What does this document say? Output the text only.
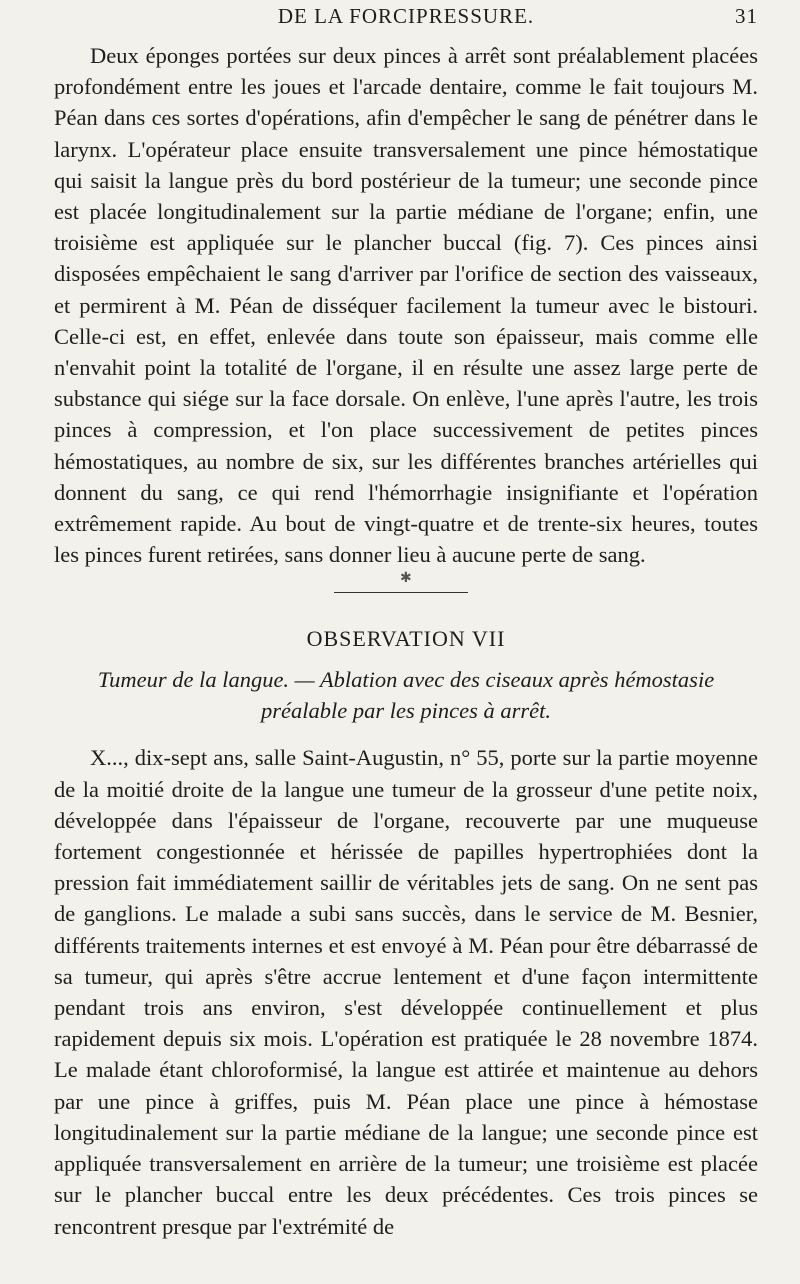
DE LA FORCIPRESSURE.	31

Deux éponges portées sur deux pinces à arrêt sont préalablement placées profondément entre les joues et l'arcade dentaire, comme le fait toujours M. Péan dans ces sortes d'opérations, afin d'empêcher le sang de pénétrer dans le larynx. L'opérateur place ensuite transversalement une pince hémostatique qui saisit la langue près du bord postérieur de la tumeur; une seconde pince est placée longitudinalement sur la partie médiane de l'organe; enfin, une troisième est appliquée sur le plancher buccal (fig. 7). Ces pinces ainsi disposées empêchaient le sang d'arriver par l'orifice de section des vaisseaux, et permirent à M. Péan de disséquer facilement la tumeur avec le bistouri. Celle-ci est, en effet, enlevée dans toute son épaisseur, mais comme elle n'envahit point la totalité de l'organe, il en résulte une assez large perte de substance qui siége sur la face dorsale. On enlève, l'une après l'autre, les trois pinces à compression, et l'on place successivement de petites pinces hémostatiques, au nombre de six, sur les différentes branches artérielles qui donnent du sang, ce qui rend l'hémorrhagie insignifiante et l'opération extrêmement rapide. Au bout de vingt-quatre et de trente-six heures, toutes les pinces furent retirées, sans donner lieu à aucune perte de sang.

✱
OBSERVATION VII
Tumeur de la langue. — Ablation avec des ciseaux après hémostasie
préalable par les pinces à arrêt.

X..., dix-sept ans, salle Saint-Augustin, n° 55, porte sur la partie moyenne de la moitié droite de la langue une tumeur de la grosseur d'une petite noix, développée dans l'épaisseur de l'organe, recouverte par une muqueuse fortement congestionnée et hérissée de papilles hypertrophiées dont la pression fait immédiatement saillir de véritables jets de sang. On ne sent pas de ganglions. Le malade a subi sans succès, dans le service de M. Besnier, différents traitements internes et est envoyé à M. Péan pour être débarrassé de sa tumeur, qui après s'être accrue lentement et d'une façon intermittente pendant trois ans environ, s'est développée continuellement et plus rapidement depuis six mois. L'opération est pratiquée le 28 novembre 1874. Le malade étant chloroformisé, la langue est attirée et maintenue au dehors par une pince à griffes, puis M. Péan place une pince à hémostase longitudinalement sur la partie médiane de la langue; une seconde pince est appliquée transversalement en arrière de la tumeur; une troisième est placée sur le plancher buccal entre les deux précédentes. Ces trois pinces se rencontrent presque par l'extrémité de
